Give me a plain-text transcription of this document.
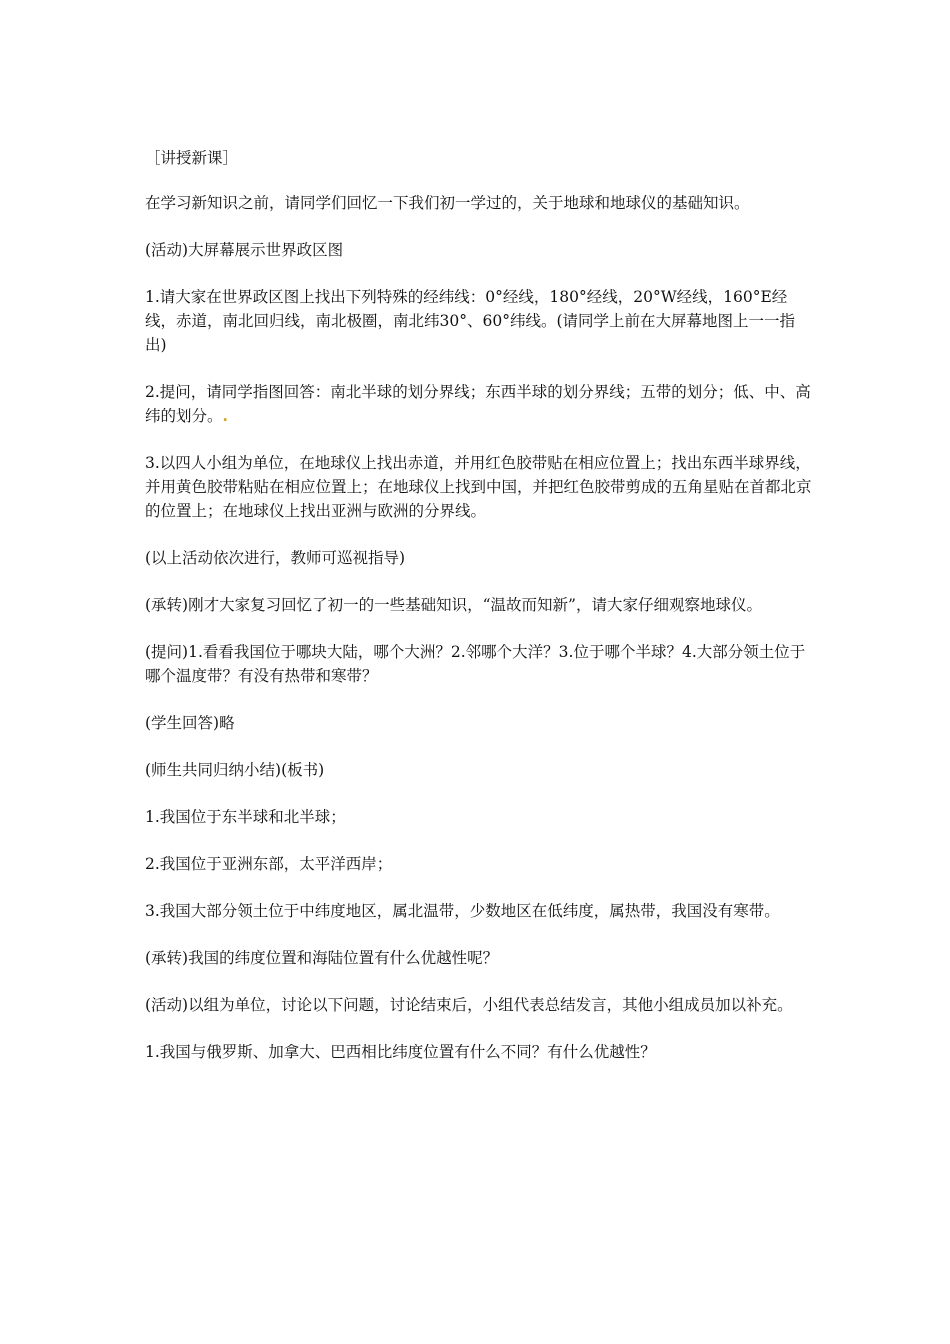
［讲授新课］

在学习新知识之前，请同学们回忆一下我们初一学过的，关于地球和地球仪的基础知识。

(活动)大屏幕展示世界政区图

1.请大家在世界政区图上找出下列特殊的经纬线：0°经线，180°经线，20°W经线，160°E经线，赤道，南北回归线，南北极圈，南北纬30°、60°纬线。(请同学上前在大屏幕地图上一一指出)

2.提问，请同学指图回答：南北半球的划分界线；东西半球的划分界线；五带的划分；低、中、高纬的划分。.

3.以四人小组为单位，在地球仪上找出赤道，并用红色胶带贴在相应位置上；找出东西半球界线，并用黄色胶带粘贴在相应位置上；在地球仪上找到中国，并把红色胶带剪成的五角星贴在首都北京的位置上；在地球仪上找出亚洲与欧洲的分界线。

(以上活动依次进行，教师可巡视指导)

(承转)刚才大家复习回忆了初一的一些基础知识，“温故而知新”，请大家仔细观察地球仪。

(提问)1.看看我国位于哪块大陆，哪个大洲？2.邻哪个大洋？3.位于哪个半球？4.大部分领土位于哪个温度带？有没有热带和寒带？

(学生回答)略

(师生共同归纳小结)(板书)

1.我国位于东半球和北半球；

2.我国位于亚洲东部，太平洋西岸；

3.我国大部分领土位于中纬度地区，属北温带，少数地区在低纬度，属热带，我国没有寒带。

(承转)我国的纬度位置和海陆位置有什么优越性呢？

(活动)以组为单位，讨论以下问题，讨论结束后，小组代表总结发言，其他小组成员加以补充。

1.我国与俄罗斯、加拿大、巴西相比纬度位置有什么不同？有什么优越性？
